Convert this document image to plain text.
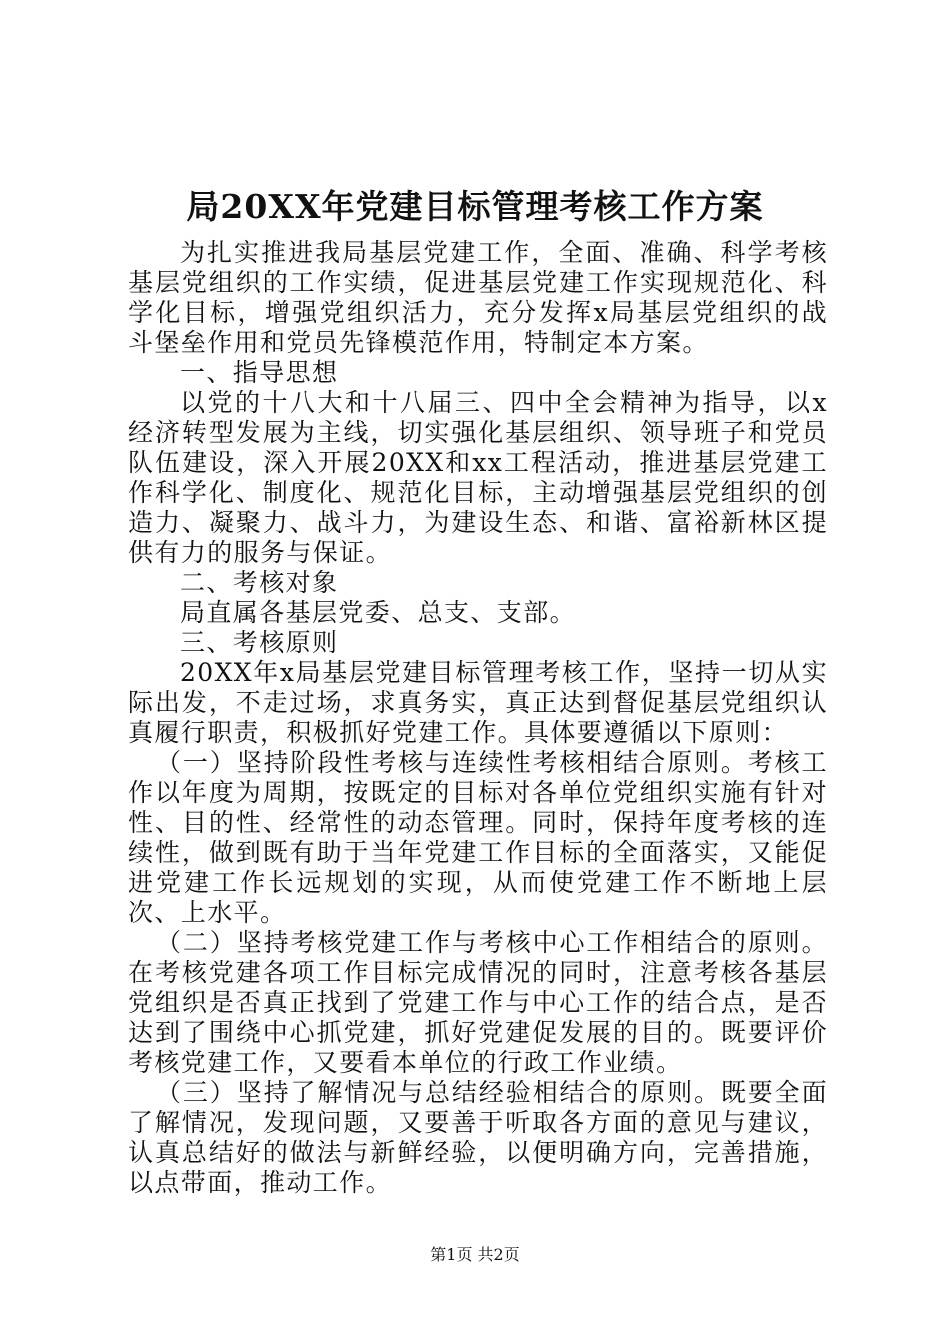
局20XX年党建目标管理考核工作方案

为扎实推进我局基层党建工作，全面、准确、科学考核基层党组织的工作实绩，促进基层党建工作实现规范化、科学化目标，增强党组织活力，充分发挥x局基层党组织的战斗堡垒作用和党员先锋模范作用，特制定本方案。

一、指导思想

以党的十八大和十八届三、四中全会精神为指导，以x经济转型发展为主线，切实强化基层组织、领导班子和党员队伍建设，深入开展20XX和xx工程活动，推进基层党建工作科学化、制度化、规范化目标，主动增强基层党组织的创造力、凝聚力、战斗力，为建设生态、和谐、富裕新林区提供有力的服务与保证。

二、考核对象

局直属各基层党委、总支、支部。

三、考核原则

20XX年x局基层党建目标管理考核工作，坚持一切从实际出发，不走过场，求真务实，真正达到督促基层党组织认真履行职责，积极抓好党建工作。具体要遵循以下原则：

（一）坚持阶段性考核与连续性考核相结合原则。考核工作以年度为周期，按既定的目标对各单位党组织实施有针对性、目的性、经常性的动态管理。同时，保持年度考核的连续性，做到既有助于当年党建工作目标的全面落实，又能促进党建工作长远规划的实现，从而使党建工作不断地上层次、上水平。

（二）坚持考核党建工作与考核中心工作相结合的原则。在考核党建各项工作目标完成情况的同时，注意考核各基层党组织是否真正找到了党建工作与中心工作的结合点，是否达到了围绕中心抓党建，抓好党建促发展的目的。既要评价考核党建工作，又要看本单位的行政工作业绩。

（三）坚持了解情况与总结经验相结合的原则。既要全面了解情况，发现问题，又要善于听取各方面的意见与建议，认真总结好的做法与新鲜经验，以便明确方向，完善措施，以点带面，推动工作。

第1页 共2页
